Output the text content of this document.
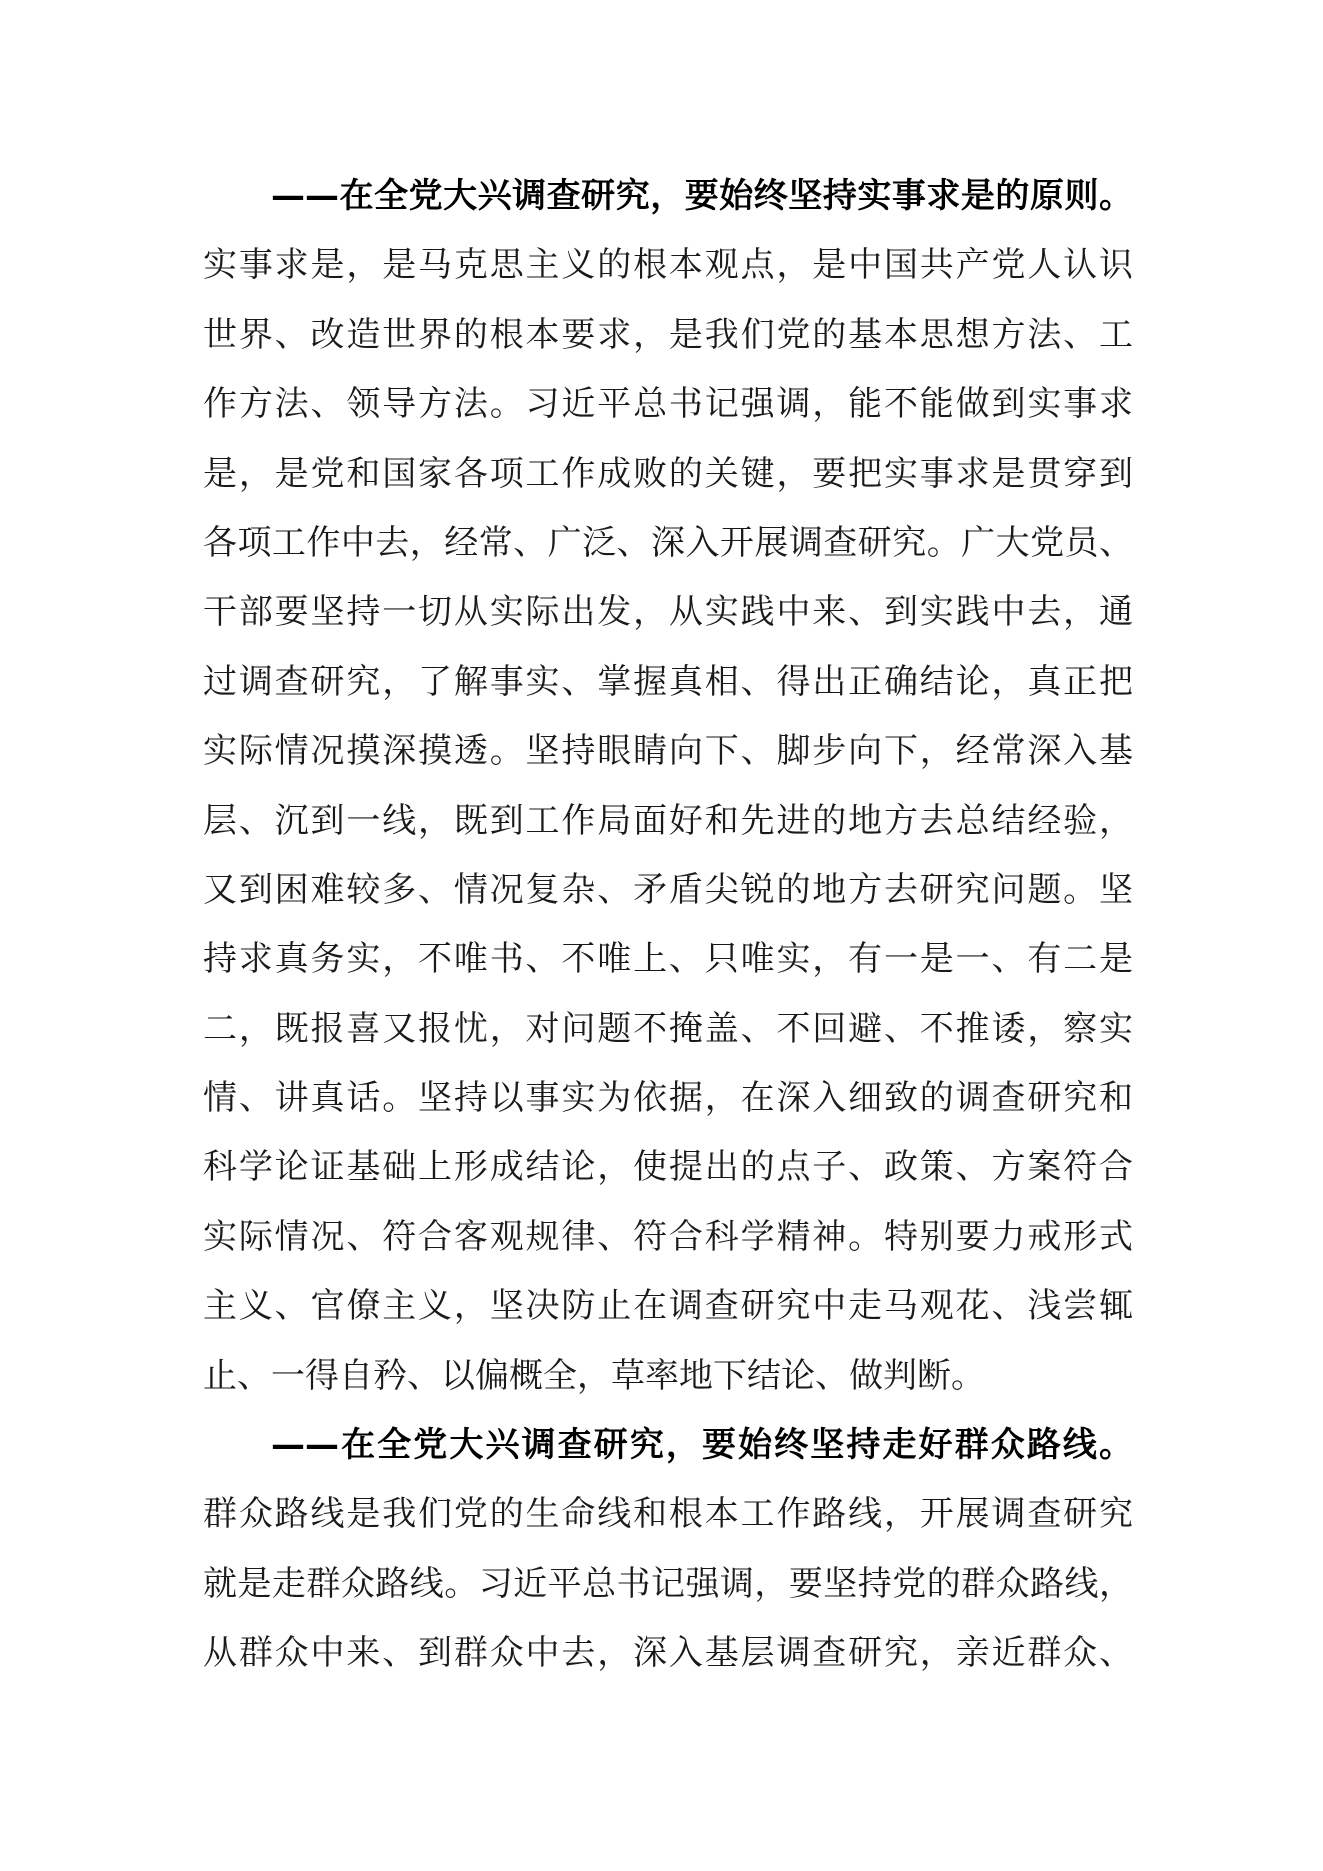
——在全党大兴调查研究，要始终坚持实事求是的原则。
实事求是，是马克思主义的根本观点，是中国共产党人认识
世界、改造世界的根本要求，是我们党的基本思想方法、工
作方法、领导方法。习近平总书记强调，能不能做到实事求
是，是党和国家各项工作成败的关键，要把实事求是贯穿到
各项工作中去，经常、广泛、深入开展调查研究。广大党员、
干部要坚持一切从实际出发，从实践中来、到实践中去，通
过调查研究，了解事实、掌握真相、得出正确结论，真正把
实际情况摸深摸透。坚持眼睛向下、脚步向下，经常深入基
层、沉到一线，既到工作局面好和先进的地方去总结经验，
又到困难较多、情况复杂、矛盾尖锐的地方去研究问题。坚
持求真务实，不唯书、不唯上、只唯实，有一是一、有二是
二，既报喜又报忧，对问题不掩盖、不回避、不推诿，察实
情、讲真话。坚持以事实为依据，在深入细致的调查研究和
科学论证基础上形成结论，使提出的点子、政策、方案符合
实际情况、符合客观规律、符合科学精神。特别要力戒形式
主义、官僚主义，坚决防止在调查研究中走马观花、浅尝辄
止、一得自矜、以偏概全，草率地下结论、做判断。
——在全党大兴调查研究，要始终坚持走好群众路线。
群众路线是我们党的生命线和根本工作路线，开展调查研究
就是走群众路线。习近平总书记强调，要坚持党的群众路线，
从群众中来、到群众中去，深入基层调查研究，亲近群众、
